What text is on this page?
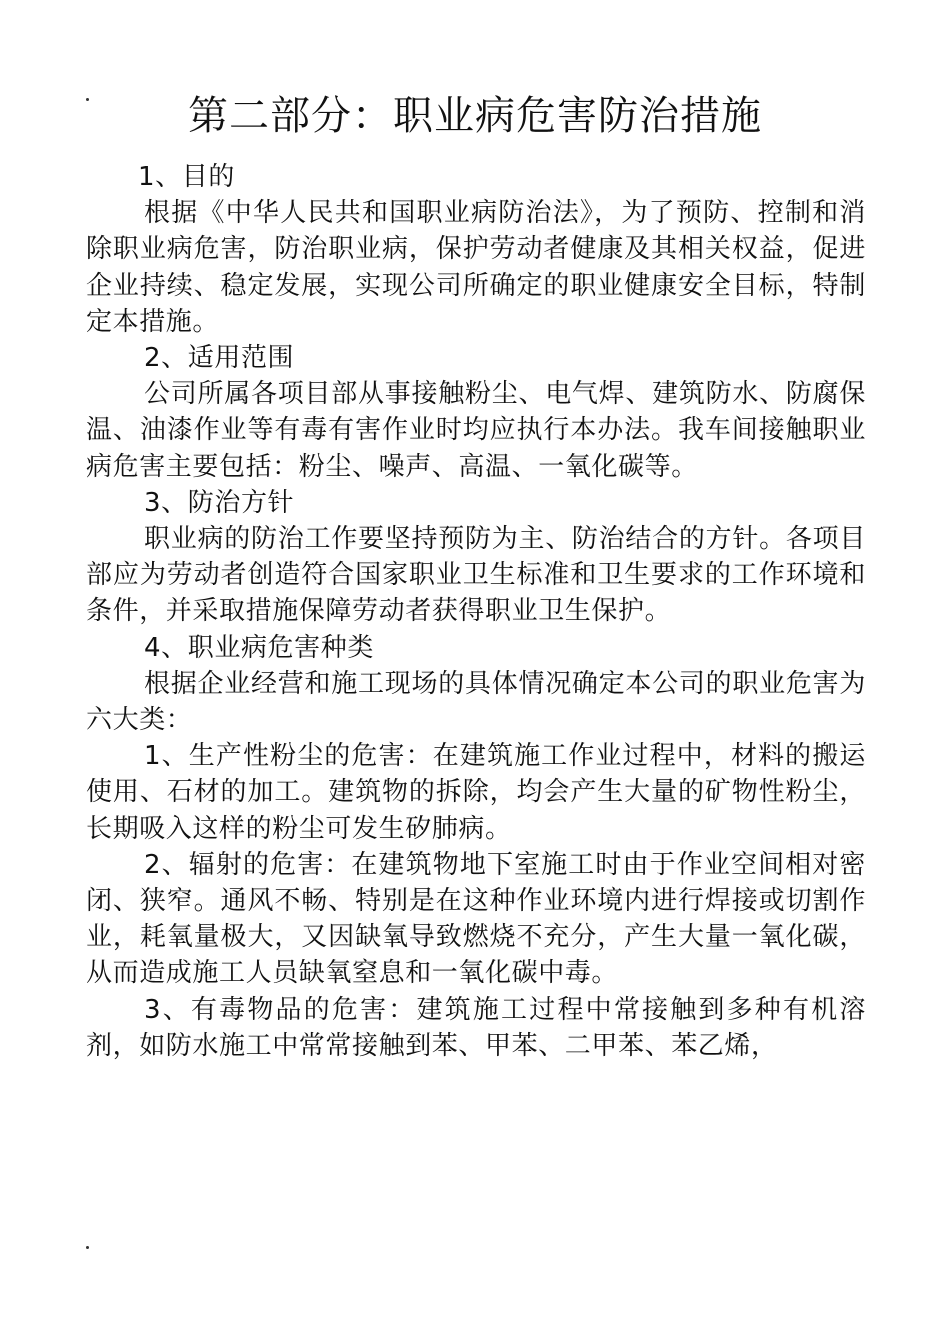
第二部分：职业病危害防治措施

1、目的

根据《中华人民共和国职业病防治法》，为了预防、控制和消除职业病危害，防治职业病，保护劳动者健康及其相关权益，促进企业持续、稳定发展，实现公司所确定的职业健康安全目标，特制定本措施。

2、适用范围

公司所属各项目部从事接触粉尘、电气焊、建筑防水、防腐保温、油漆作业等有毒有害作业时均应执行本办法。我车间接触职业病危害主要包括：粉尘、噪声、高温、一氧化碳等。

3、防治方针

职业病的防治工作要坚持预防为主、防治结合的方针。各项目部应为劳动者创造符合国家职业卫生标准和卫生要求的工作环境和条件，并采取措施保障劳动者获得职业卫生保护。

4、职业病危害种类

根据企业经营和施工现场的具体情况确定本公司的职业危害为六大类：

1、生产性粉尘的危害：在建筑施工作业过程中，材料的搬运使用、石材的加工。建筑物的拆除，均会产生大量的矿物性粉尘，长期吸入这样的粉尘可发生矽肺病。

2、辐射的危害：在建筑物地下室施工时由于作业空间相对密闭、狭窄。通风不畅、特别是在这种作业环境内进行焊接或切割作业，耗氧量极大，又因缺氧导致燃烧不充分，产生大量一氧化碳，从而造成施工人员缺氧窒息和一氧化碳中毒。

3、有毒物品的危害：建筑施工过程中常接触到多种有机溶剂，如防水施工中常常接触到苯、甲苯、二甲苯、苯乙烯，
